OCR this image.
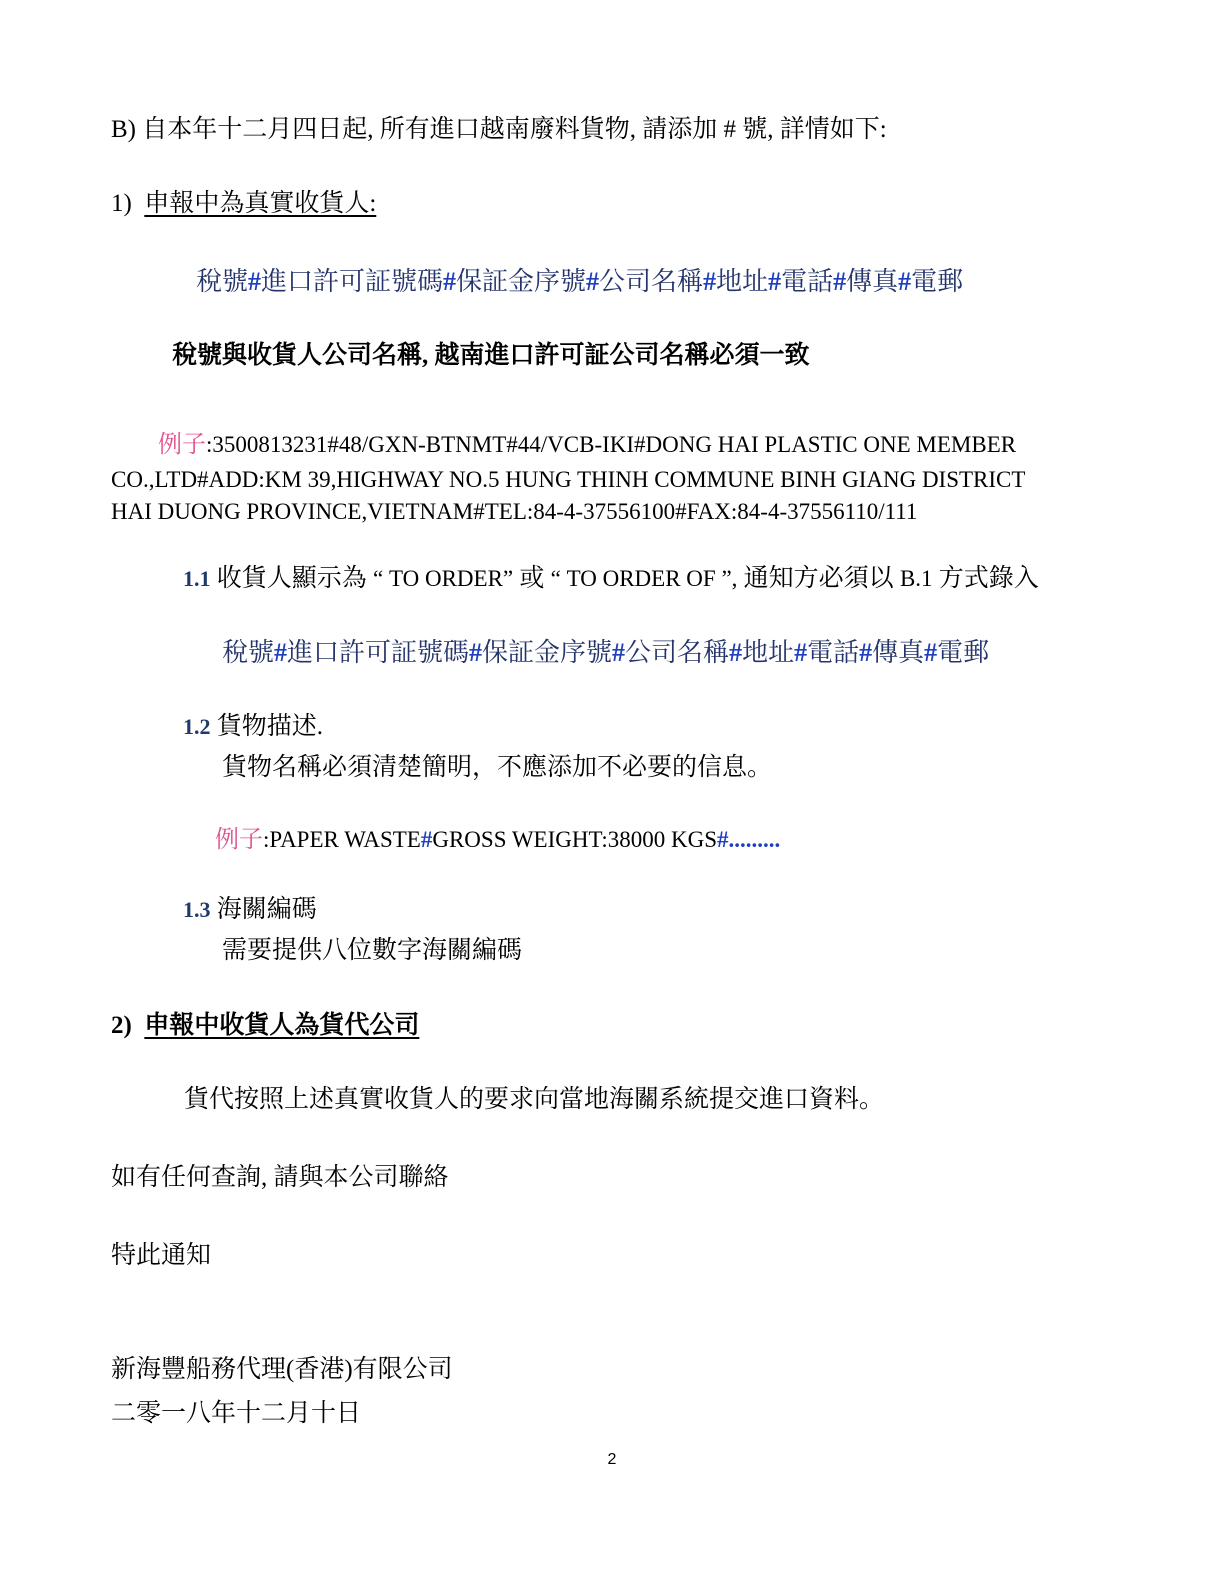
B) 自本年十二月四日起, 所有進口越南廢料貨物, 請添加 # 號, 詳情如下:
1) 申報中為真實收貨人:
稅號#進口許可証號碼#保証金序號#公司名稱#地址#電話#傳真#電郵
稅號與收貨人公司名稱, 越南進口許可証公司名稱必須一致
例子:3500813231#48/GXN-BTNMT#44/VCB-IKI#DONG HAI PLASTIC ONE MEMBER
CO.,LTD#ADD:KM 39,HIGHWAY NO.5 HUNG THINH COMMUNE BINH GIANG DISTRICT
HAI DUONG PROVINCE,VIETNAM#TEL:84-4-37556100#FAX:84-4-37556110/111
1.1 收貨人顯示為 “ TO ORDER” 或 “ TO ORDER OF ”, 通知方必須以 B.1 方式錄入
稅號#進口許可証號碼#保証金序號#公司名稱#地址#電話#傳真#電郵
1.2 貨物描述.
貨物名稱必須清楚簡明，不應添加不必要的信息。
例子:PAPER WASTE#GROSS WEIGHT:38000 KGS#.........
1.3 海關編碼
需要提供八位數字海關編碼
2) 申報中收貨人為貨代公司
貨代按照上述真實收貨人的要求向當地海關系統提交進口資料。
如有任何查詢, 請與本公司聯絡
特此通知
新海豐船務代理(香港)有限公司
二零一八年十二月十日
2
